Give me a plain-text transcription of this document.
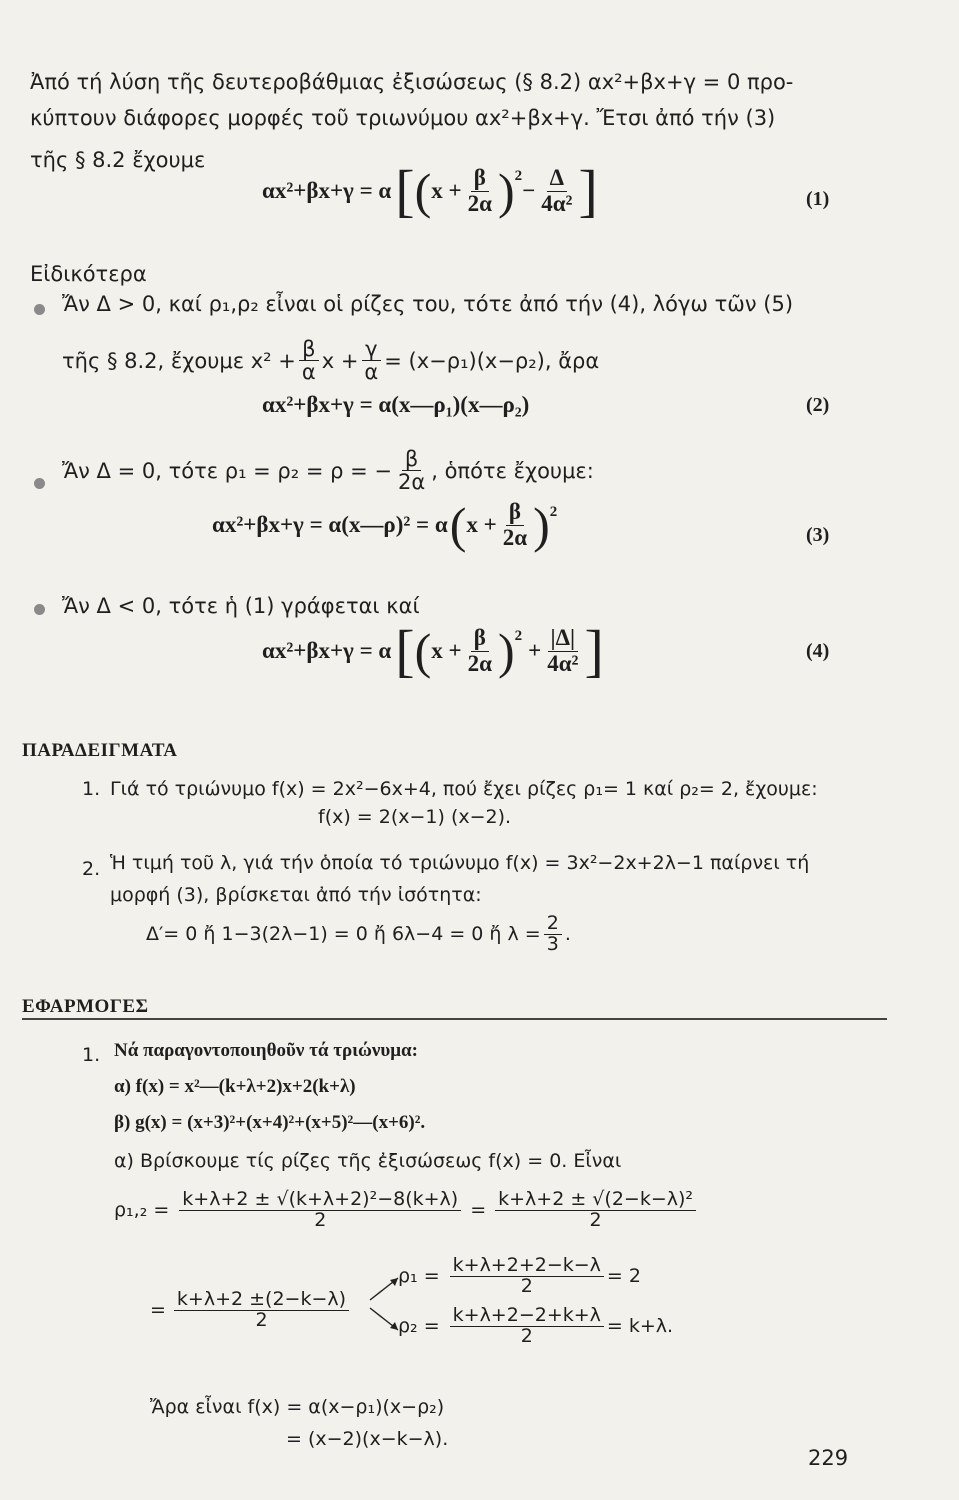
Ἀπό τή λύση τῆς δευτεροβάθμιας ἐξισώσεως (§ 8.2) αx²+βx+γ = 0 προ-
κύπτουν διάφορες μορφές τοῦ τριωνύμου αx²+βx+γ. Ἔτσι ἀπό τήν (3)
τῆς § 8.2 ἔχουμε
αx²+βx+γ = α [ ( $x + \frac{\beta}{2\alpha}$ ) 2
− $\frac{\Delta}{\text{4α²}}$ ]	(1)
Εἰδικότερα
Ἄν Δ > 0, καί ρ₁,ρ₂ εἶναι οἱ ρίζες του, τότε ἀπό τήν (4), λόγω τῶν (5)
τῆς § 8.2, ἔχουμε $x^2 + \frac{\beta}{\alpha}$ $x + \frac{\gamma}{\alpha} = (x-\rho_1)(x-\rho_2)$, ἄρα
αx²+βx+γ = α(x—ρ₁)(x—ρ₂)	(2)
Ἄν Δ = 0, τότε ρ₁ = ρ₂ = ρ = − $\frac{\beta}{2\alpha}$ , ὁπότε ἔχουμε:
αx²+βx+γ = α(x—ρ)² = α ( $x + \frac{\beta}{2\alpha}$ ) 2
(3)
Ἄν Δ < 0, τότε ἡ (1) γράφεται καί
αx²+βx+γ = α [ ( $x + \frac{\beta}{2\alpha}$ ) 2
+ $\frac{|\Delta|}{\text{4α²}}$ ]	(4)
ΠΑΡΑΔΕΙΓΜΑΤΑ
1. Γιά τό τριώνυμο f(x) = 2x²−6x+4, πού ἔχει ρίζες ρ₁= 1 καί ρ₂= 2, ἔχουμε:
f(x) = 2(x−1) (x−2).
2. Ἡ τιμή τοῦ λ, γιά τήν ὁποία τό τριώνυμο f(x) = 3x²−2x+2λ−1 παίρνει τή
μορφή (3), βρίσκεται ἀπό τήν ἰσότητα:
Δ′= 0 ἤ 1−3(2λ−1) = 0 ἤ 6λ−4 = 0 ἤ $\lambda = \frac{2}{3}$ .
ΕΦΑΡΜΟΓΕΣ
1. Νά παραγοντοποιηθοῦν τά τριώνυμα:
α) f(x) = x²—(k+λ+2)x+2(k+λ)
β) g(x) = (x+3)²+(x+4)²+(x+5)²—(x+6)².
α) Βρίσκουμε τίς ρίζες τῆς ἐξισώσεως f(x) = 0. Εἶναι
$\rho_1,_2 = \frac{\text{k+λ+2 ± √(k+λ+2)²−8(k+λ)}}{2} = \frac{\text{k+λ+2 ± √(2−k−λ)²}}{2}$
$\rho_1 = \frac{k+\lambda+2+2-k-\lambda}{2} = 2$
= $\frac{k+\lambda+2 \pm(2-k-\lambda)}{2}$	$\rho_2 = \frac{k+\lambda+2-2+k+\lambda}{2} = k+\lambda$.
Ἄρα εἶναι f(x) = α(x−ρ₁)(x−ρ₂)
= (x−2)(x−k−λ).
229
